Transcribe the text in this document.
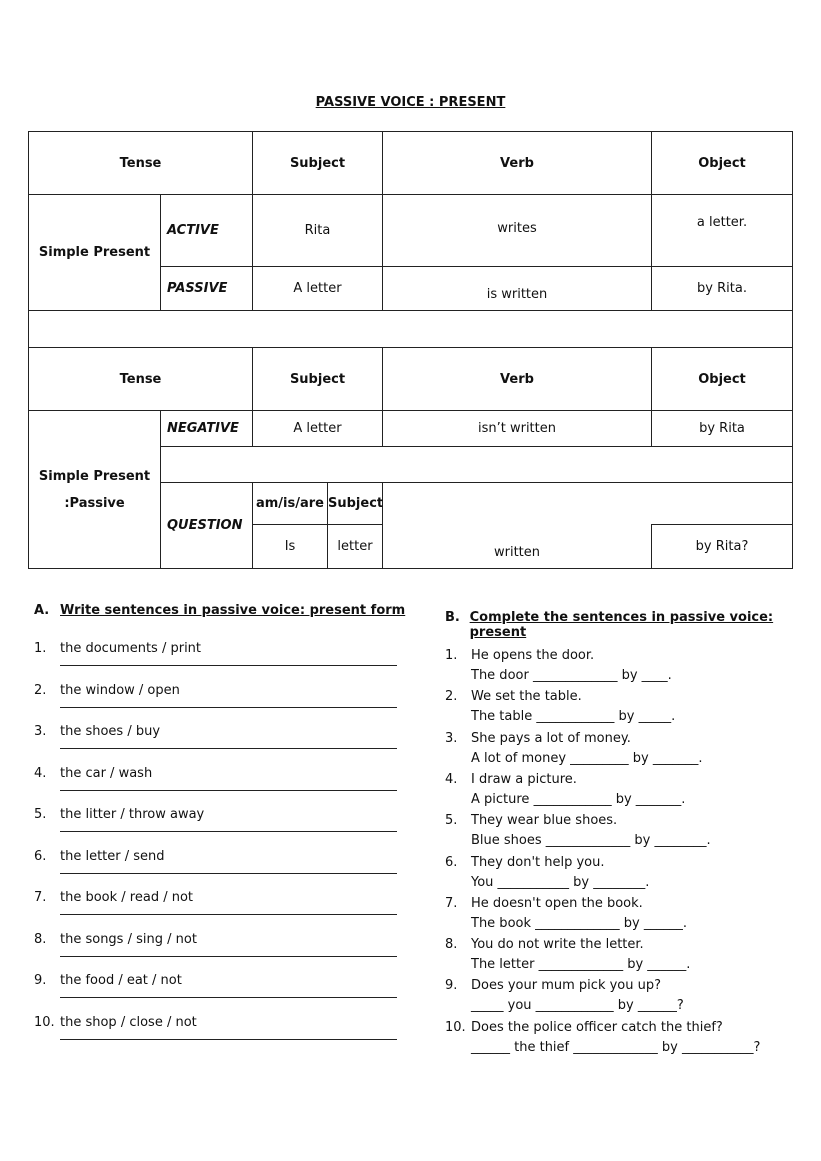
PASSIVE VOICE : PRESENT
Tense		Subject		Verb	Object
Simple Present	ACTIVE	Rita		writes	a letter.
	PASSIVE	A letter		is written	by Rita.

Tense		Subject		Verb	Object

Simple Present
:Passive	NEGATIVE	A letter		isn’t written	by Rita

	QUESTION	am/is/are	Subject		
		Is	letter	written	by Rita?
A. Write sentences in passive voice: present form
1. the documents / print
2. the window / open
3. the shoes / buy
4. the car / wash
5. the litter / throw away
6. the letter / send
7. the book / read / not
8. the songs / sing / not
9. the food / eat / not
10. the shop / close / not
B. Complete the sentences in passive voice: present
1. He opens the door.
The door _____________ by ____.
2. We set the table.
The table ____________ by _____.
3. She pays a lot of money.
A lot of money _________ by _______.
4. I draw a picture.
A picture ____________ by _______.
5. They wear blue shoes.
Blue shoes _____________ by ________.
6. They don't help you.
You ___________ by ________.
7. He doesn't open the book.
The book _____________ by ______.
8. You do not write the letter.
The letter _____________ by ______.
9. Does your mum pick you up?
_____ you ____________ by ______?
10. Does the police officer catch the thief?
______ the thief _____________ by ___________?
